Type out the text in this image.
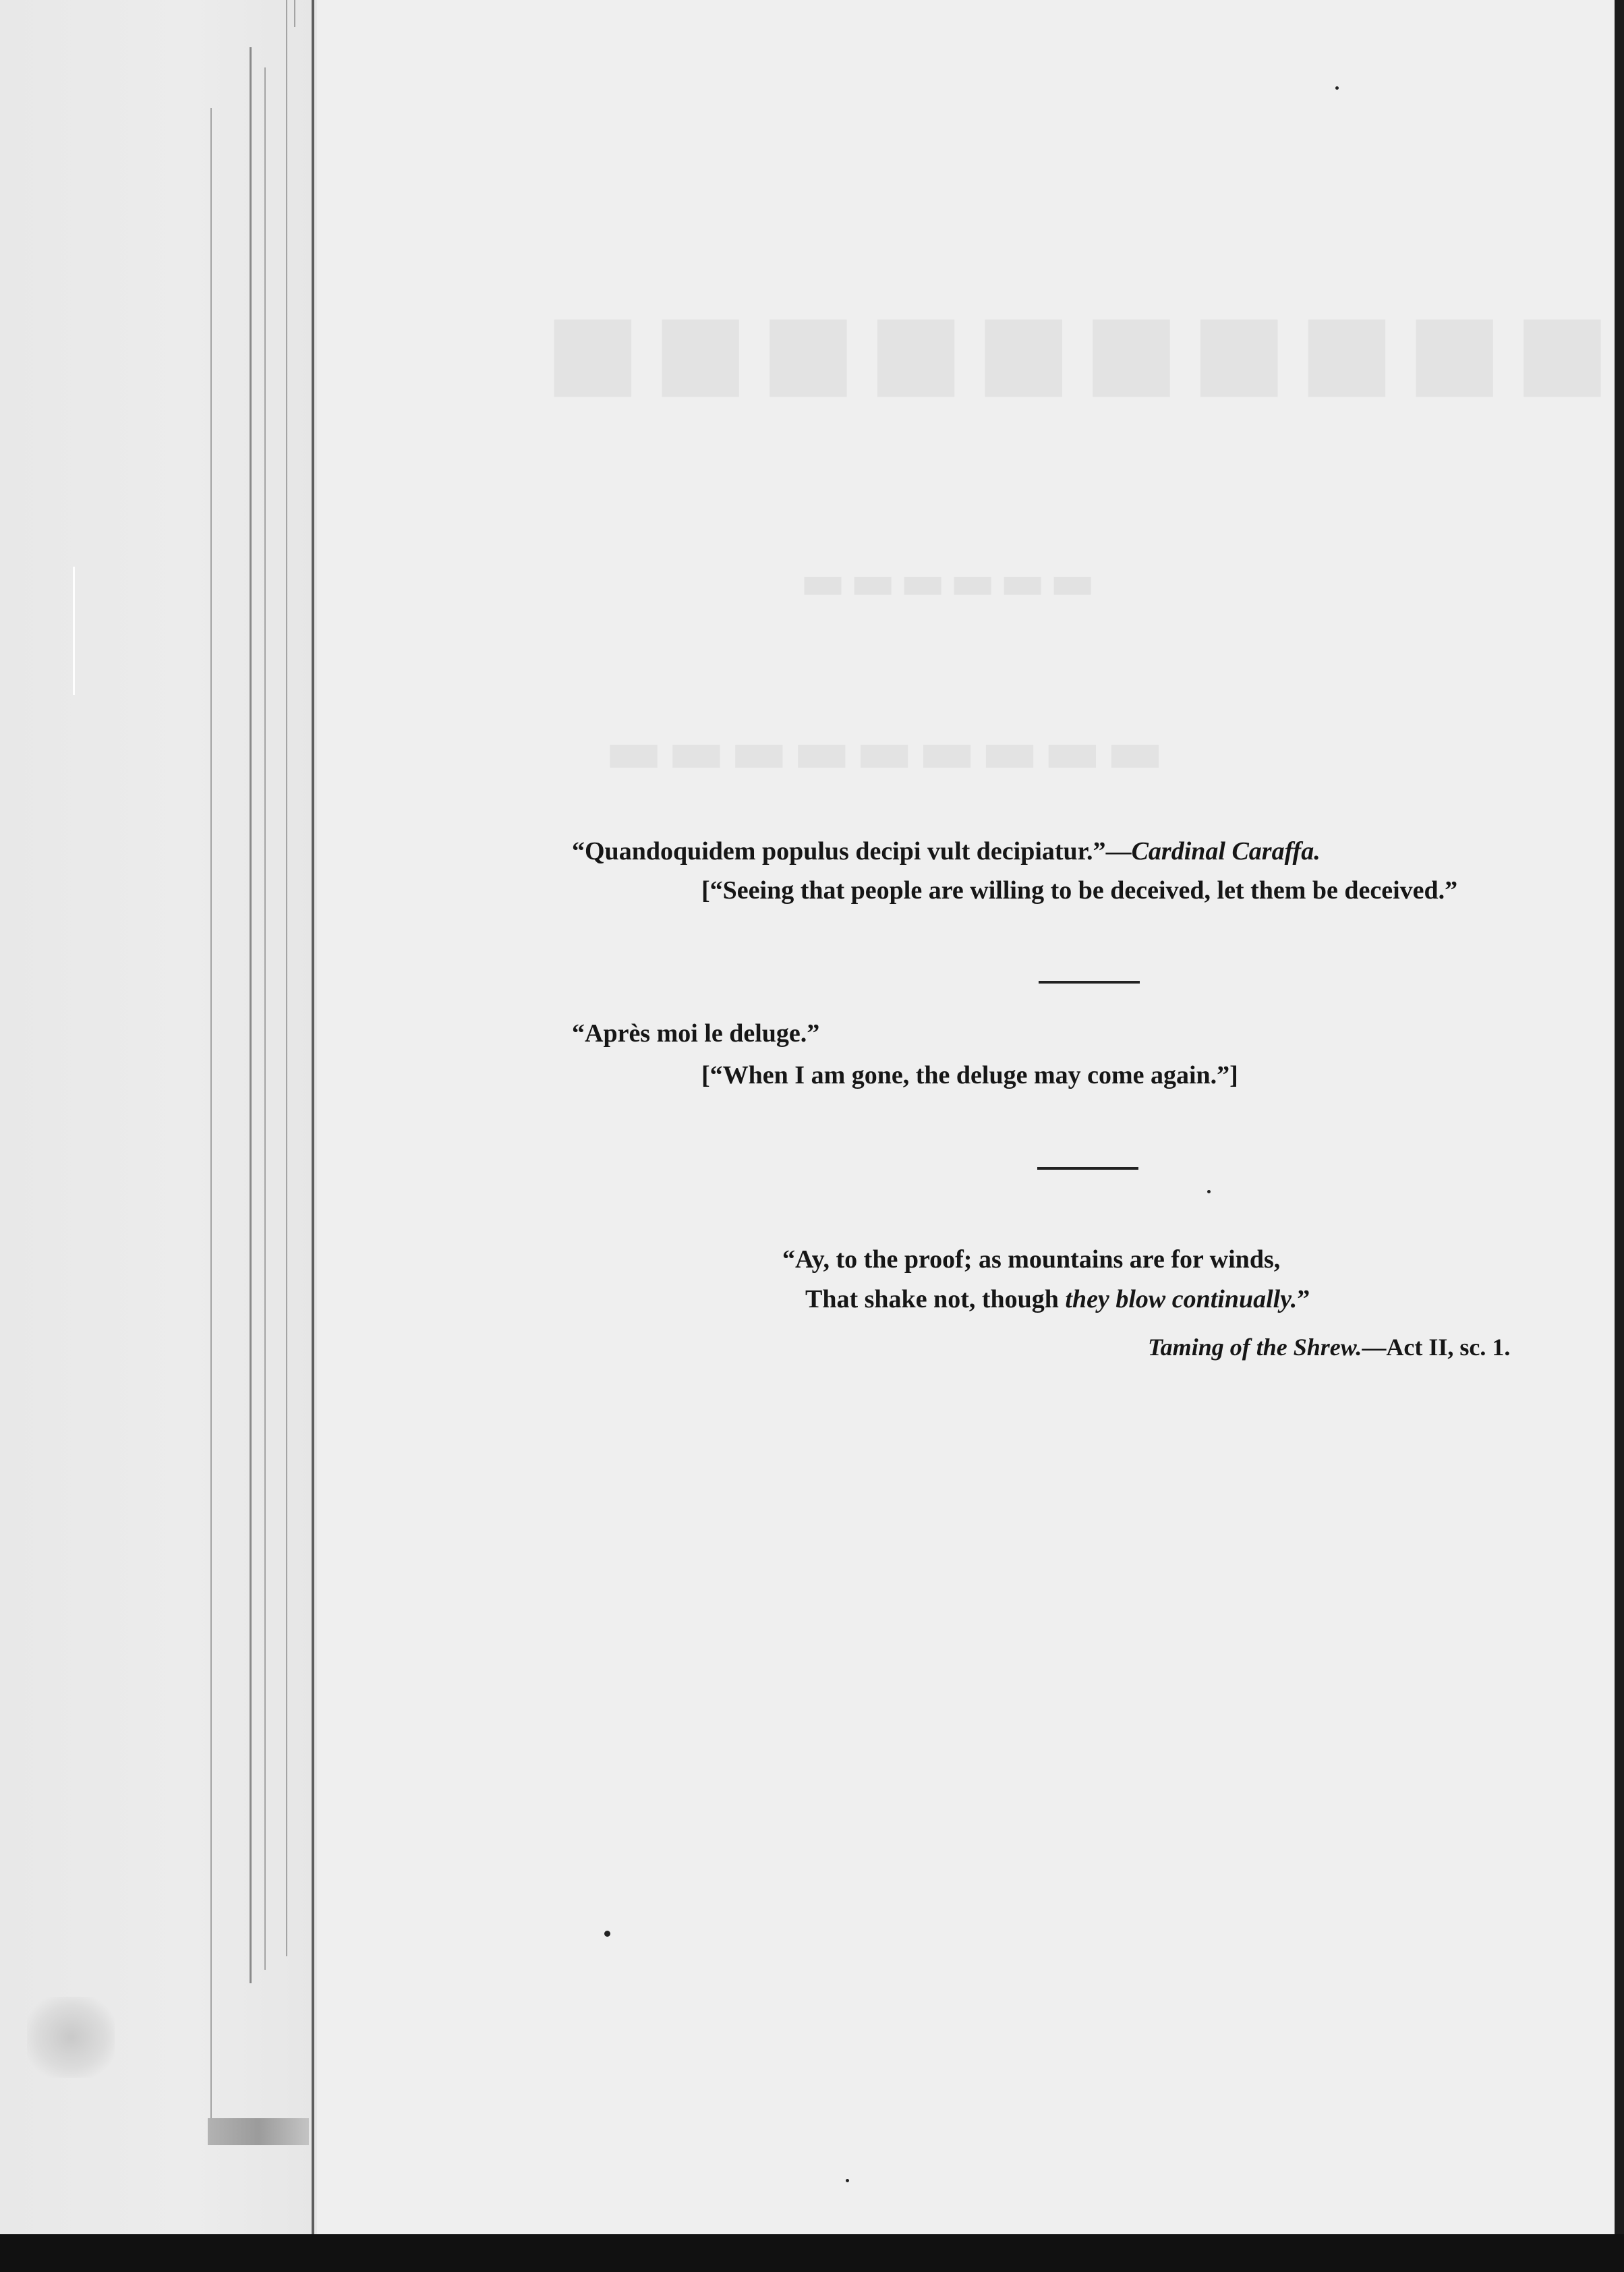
■■■■■■■■■■
▬▬▬▬▬▬
▬▬▬▬▬▬▬▬▬
“Quandoquidem populus decipi vult decipiatur.”—Cardinal Caraffa.
[“Seeing that people are willing to be deceived, let them be deceived.”
“Après moi le deluge.”
[“When I am gone, the deluge may come again.”]
“Ay, to the proof; as mountains are for winds,
That shake not, though they blow continually.”
Taming of the Shrew.—Act II, sc. 1.
